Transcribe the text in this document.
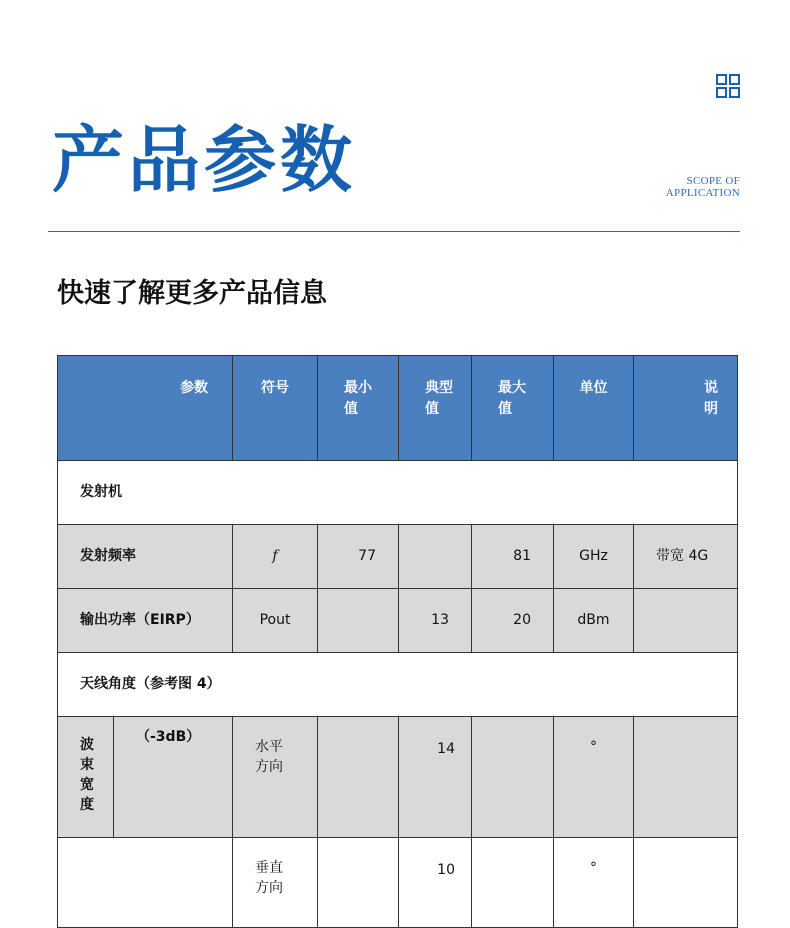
产品参数	SCOPE OF
APPLICATION
快速了解更多产品信息
参数		符号	最小值	典型值	最大值	单位	说明

发射机							

发射频率		f	77		81	GHz	带宽 4G

输出功率（EIRP）		Pout		13	20	dBm	

天线角度（参考图 4）							

波束宽度	（-3dB）	水平方向		14		°	

		垂直方向		10		°	
